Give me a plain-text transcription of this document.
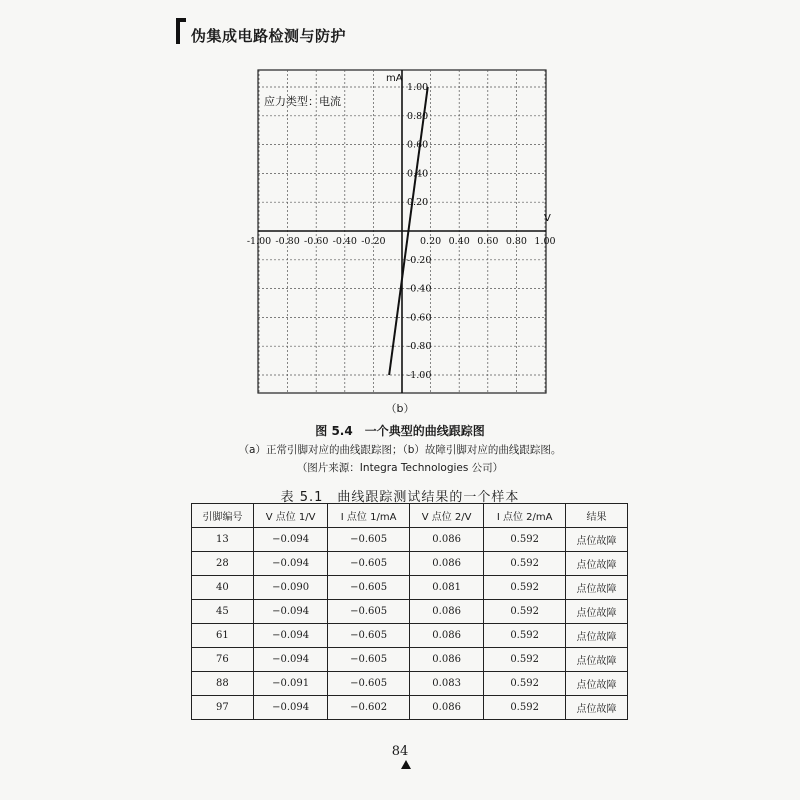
伪集成电路检测与防护
-1.00 -0.80 -0.60 -0.40 -0.20	0.20 0.40 0.60 0.80 1.00
1.00
0.80
0.60
0.40
0.20
-0.20
-0.40
-0.60
-0.80
-1.00
V
mA
应力类型：电流
（b）
图 5.4　一个典型的曲线跟踪图
（a）正常引脚对应的曲线跟踪图；（b）故障引脚对应的曲线跟踪图。
（图片来源：Integra Technologies 公司）
表 5.1　曲线跟踪测试结果的一个样本
引脚编号	V 点位 1/V	I 点位 1/mA	V 点位 2/V	I 点位 2/mA	结果
13	−0.094	−0.605	0.086	0.592	点位故障
28	−0.094	−0.605	0.086	0.592	点位故障
40	−0.090	−0.605	0.081	0.592	点位故障
45	−0.094	−0.605	0.086	0.592	点位故障
61	−0.094	−0.605	0.086	0.592	点位故障
76	−0.094	−0.605	0.086	0.592	点位故障
88	−0.091	−0.605	0.083	0.592	点位故障
97	−0.094	−0.602	0.086	0.592	点位故障
84
